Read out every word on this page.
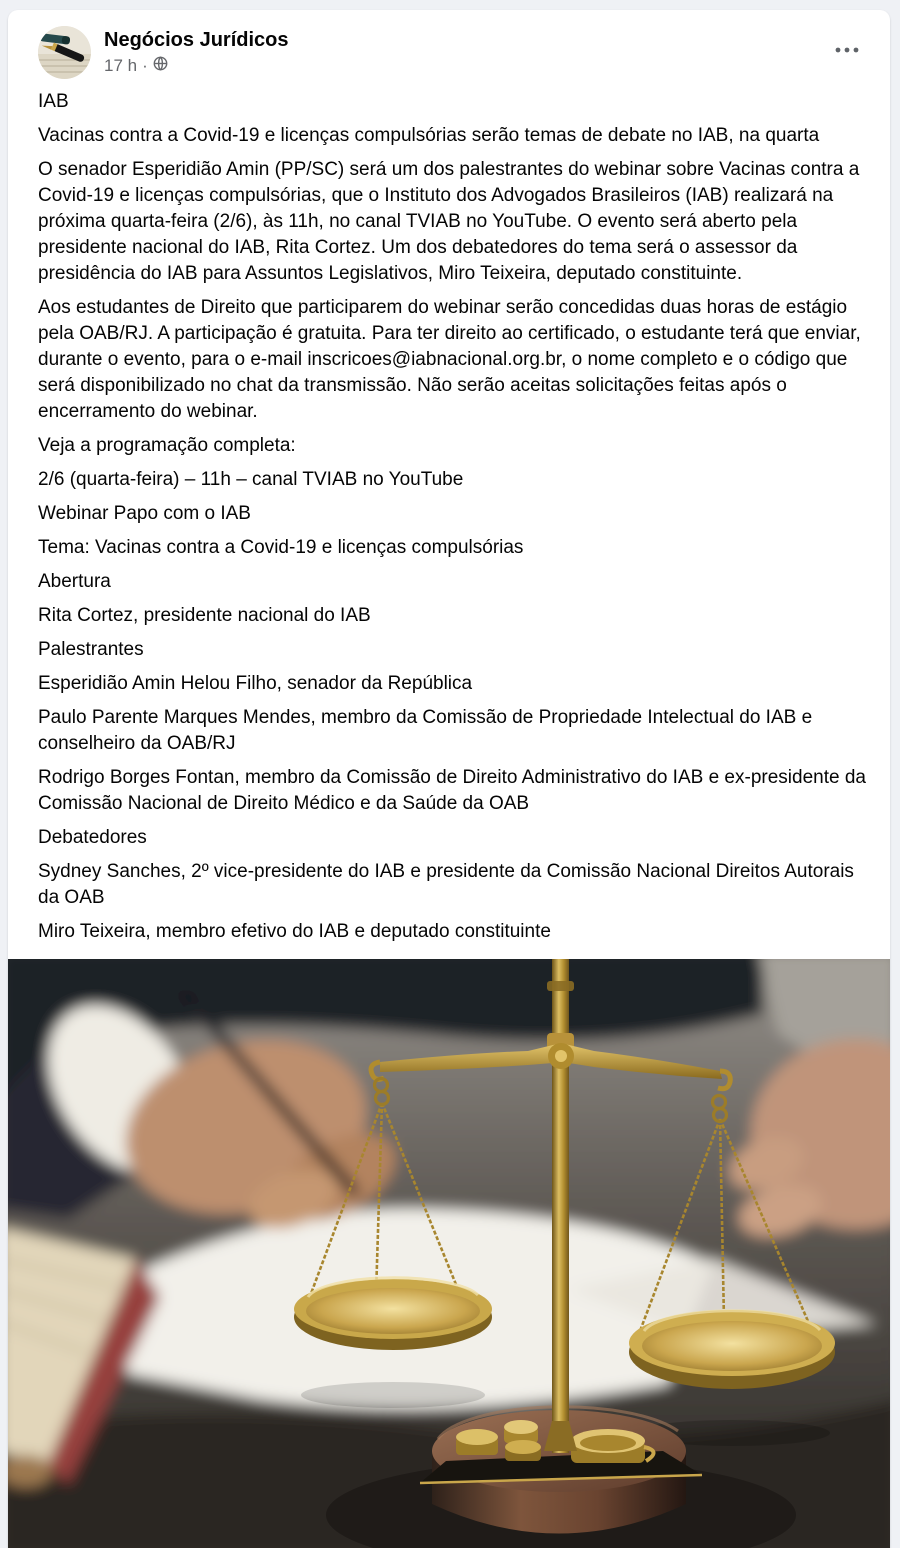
Negócios Jurídicos
17 h ·

IAB

Vacinas contra a Covid-19 e licenças compulsórias serão temas de debate no IAB, na quarta

O senador Esperidião Amin (PP/SC) será um dos palestrantes do webinar sobre Vacinas contra a Covid-19 e licenças compulsórias, que o Instituto dos Advogados Brasileiros (IAB) realizará na próxima quarta-feira (2/6), às 11h, no canal TVIAB no YouTube. O evento será aberto pela presidente nacional do IAB, Rita Cortez. Um dos debatedores do tema será o assessor da presidência do IAB para Assuntos Legislativos, Miro Teixeira, deputado constituinte.

Aos estudantes de Direito que participarem do webinar serão concedidas duas horas de estágio pela OAB/RJ. A participação é gratuita. Para ter direito ao certificado, o estudante terá que enviar, durante o evento, para o e-mail inscricoes@iabnacional.org.br, o nome completo e o código que será disponibilizado no chat da transmissão. Não serão aceitas solicitações feitas após o encerramento do webinar.

Veja a programação completa:

2/6 (quarta-feira) – 11h – canal TVIAB no YouTube

Webinar Papo com o IAB

Tema: Vacinas contra a Covid-19 e licenças compulsórias

Abertura

Rita Cortez, presidente nacional do IAB

Palestrantes

Esperidião Amin Helou Filho, senador da República

Paulo Parente Marques Mendes, membro da Comissão de Propriedade Intelectual do IAB e conselheiro da OAB/RJ

Rodrigo Borges Fontan, membro da Comissão de Direito Administrativo do IAB e ex-presidente da Comissão Nacional de Direito Médico e da Saúde da OAB

Debatedores

Sydney Sanches, 2º vice-presidente do IAB e presidente da Comissão Nacional Direitos Autorais da OAB

Miro Teixeira, membro efetivo do IAB e deputado constituinte
